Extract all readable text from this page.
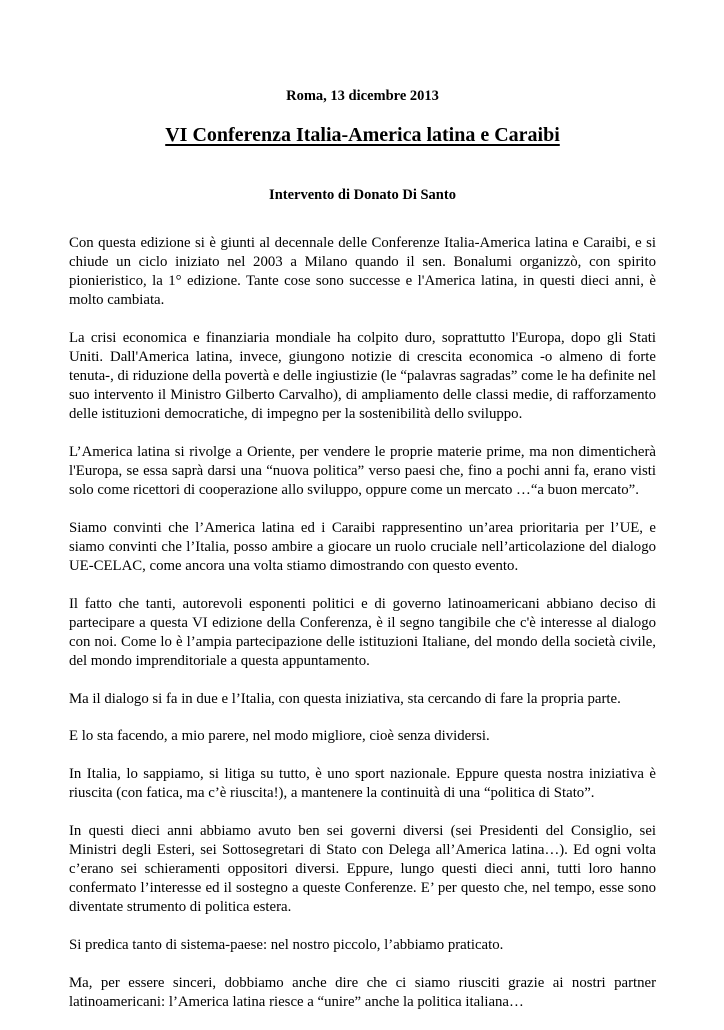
Roma, 13 dicembre 2013
VI Conferenza Italia-America latina e Caraibi
Intervento di Donato Di Santo

Con questa edizione si è giunti al decennale delle Conferenze Italia-America latina e Caraibi, e si chiude un ciclo iniziato nel 2003 a Milano quando il sen. Bonalumi organizzò, con spirito pionieristico, la 1° edizione. Tante cose sono successe e l'America latina, in questi dieci anni, è molto cambiata.

La crisi economica e finanziaria mondiale ha colpito duro, soprattutto l'Europa, dopo gli Stati Uniti. Dall'America latina, invece, giungono notizie di crescita economica -o almeno di forte tenuta-, di riduzione della povertà e delle ingiustizie (le “palavras sagradas” come le ha definite nel suo intervento il Ministro Gilberto Carvalho), di ampliamento delle classi medie, di rafforzamento delle istituzioni democratiche, di impegno per la sostenibilità dello sviluppo.

L’America latina si rivolge a Oriente, per vendere le proprie materie prime, ma non dimenticherà l'Europa, se essa saprà darsi una “nuova politica” verso paesi che, fino a pochi anni fa, erano visti solo come ricettori di cooperazione allo sviluppo, oppure come un mercato …“a buon mercato”.

Siamo convinti che l’America latina ed i Caraibi rappresentino un’area prioritaria per l’UE, e siamo convinti che l’Italia, posso ambire a giocare un ruolo cruciale nell’articolazione del dialogo UE-CELAC, come ancora una volta stiamo dimostrando con questo evento.

Il fatto che tanti, autorevoli esponenti politici e di governo latinoamericani abbiano deciso di partecipare a questa VI edizione della Conferenza, è il segno tangibile che c'è interesse al dialogo con noi. Come lo è l’ampia partecipazione delle istituzioni Italiane, del mondo della società civile, del mondo imprenditoriale a questa appuntamento.

Ma il dialogo si fa in due e l’Italia, con questa iniziativa, sta cercando di fare la propria parte.

E lo sta facendo, a mio parere, nel modo migliore, cioè senza dividersi.

In Italia, lo sappiamo, si litiga su tutto, è uno sport nazionale. Eppure questa nostra iniziativa è riuscita (con fatica, ma c’è riuscita!), a mantenere la continuità di una “politica di Stato”.

In questi dieci anni abbiamo avuto ben sei governi diversi (sei Presidenti del Consiglio, sei Ministri degli Esteri, sei Sottosegretari di Stato con Delega all’America latina…). Ed ogni volta c’erano sei schieramenti oppositori diversi. Eppure, lungo questi dieci anni, tutti loro hanno confermato l’interesse ed il sostegno a queste Conferenze. E’ per questo che, nel tempo, esse sono diventate strumento di politica estera.

Si predica tanto di sistema-paese: nel nostro piccolo, l’abbiamo praticato.

Ma, per essere sinceri, dobbiamo anche dire che ci siamo riusciti grazie ai nostri partner latinoamericani: l’America latina riesce a “unire” anche la politica italiana…
